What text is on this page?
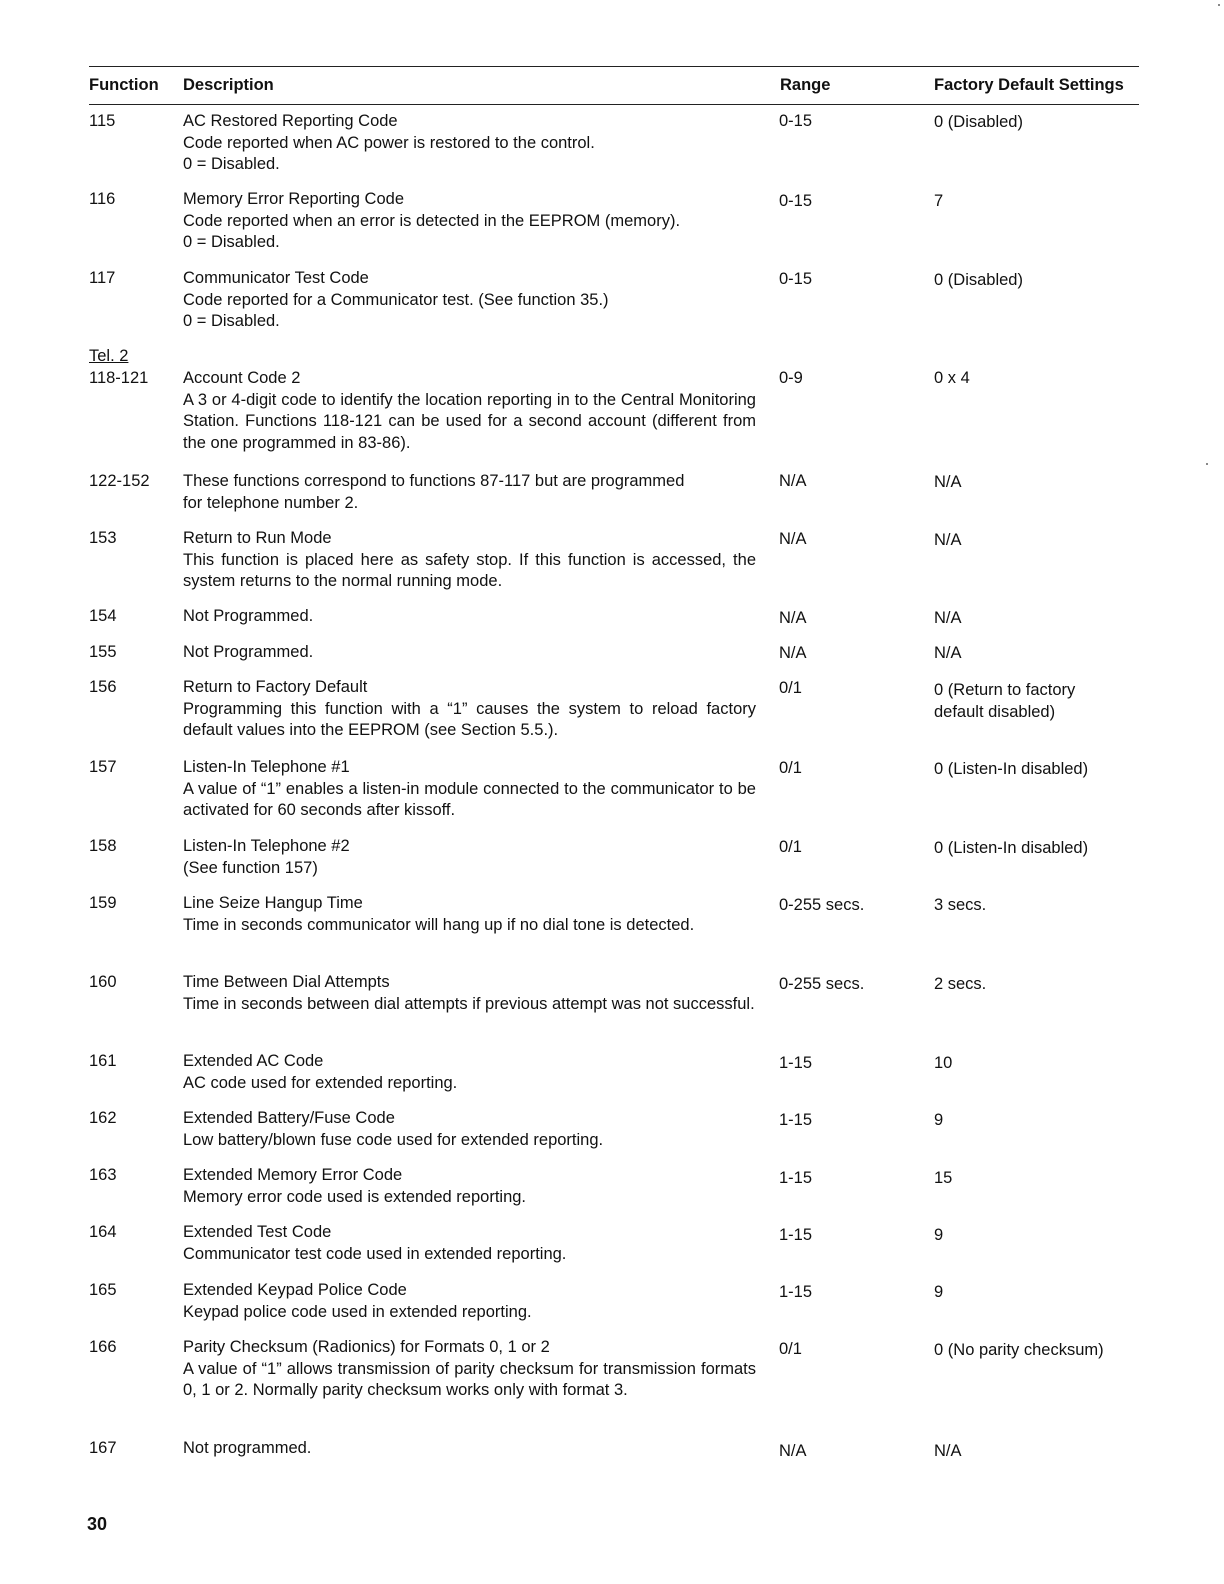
Function Description	Range	Factory Default Settings
115	AC Restored Reporting Code
Code reported when AC power is restored to the control.
0 = Disabled.
0-15	0 (Disabled)
116	Memory Error Reporting Code
Code reported when an error is detected in the EEPROM (memory).
0 = Disabled.
0-15	7
117	Communicator Test Code
Code reported for a Communicator test. (See function 35.)
0 = Disabled.
0-15	0 (Disabled)
Tel. 2
118-121	Account Code 2
A 3 or 4-digit code to identify the location reporting in to the Central Monitoring Station. Functions 118-121 can be used for a second account (different from the one programmed in 83-86).
0-9	0 x 4
122-152	These functions correspond to functions 87-117 but are programmed
for telephone number 2.
N/A	N/A
153	Return to Run Mode
This function is placed here as safety stop. If this function is accessed, the system returns to the normal running mode.
N/A	N/A
154	Not Programmed.	N/A	N/A
155	Not Programmed.	N/A	N/A
156	Return to Factory Default
Programming this function with a “1” causes the system to reload factory default values into the EEPROM (see Section 5.5.).
0/1	0 (Return to factory default disabled)
157	Listen-In Telephone #1
A value of “1” enables a listen-in module connected to the communicator to be activated for 60 seconds after kissoff.
0/1	0 (Listen-In disabled)
158	Listen-In Telephone #2
(See function 157)
0/1	0 (Listen-In disabled)
159	Line Seize Hangup Time
Time in seconds communicator will hang up if no dial tone is detected.
0-255 secs.	3 secs.
160	Time Between Dial Attempts
Time in seconds between dial attempts if previous attempt was not successful.
0-255 secs.	2 secs.
161	Extended AC Code
AC code used for extended reporting.
1-15	10
162	Extended Battery/Fuse Code
Low battery/blown fuse code used for extended reporting.
1-15	9
163	Extended Memory Error Code
Memory error code used is extended reporting.
1-15	15
164	Extended Test Code
Communicator test code used in extended reporting.
1-15	9
165	Extended Keypad Police Code
Keypad police code used in extended reporting.
1-15	9
166	Parity Checksum (Radionics) for Formats 0, 1 or 2
A value of “1” allows transmission of parity checksum for transmission formats 0, 1 or 2. Normally parity checksum works only with format 3.
0/1	0 (No parity checksum)
167	Not programmed.	N/A	N/A
30
